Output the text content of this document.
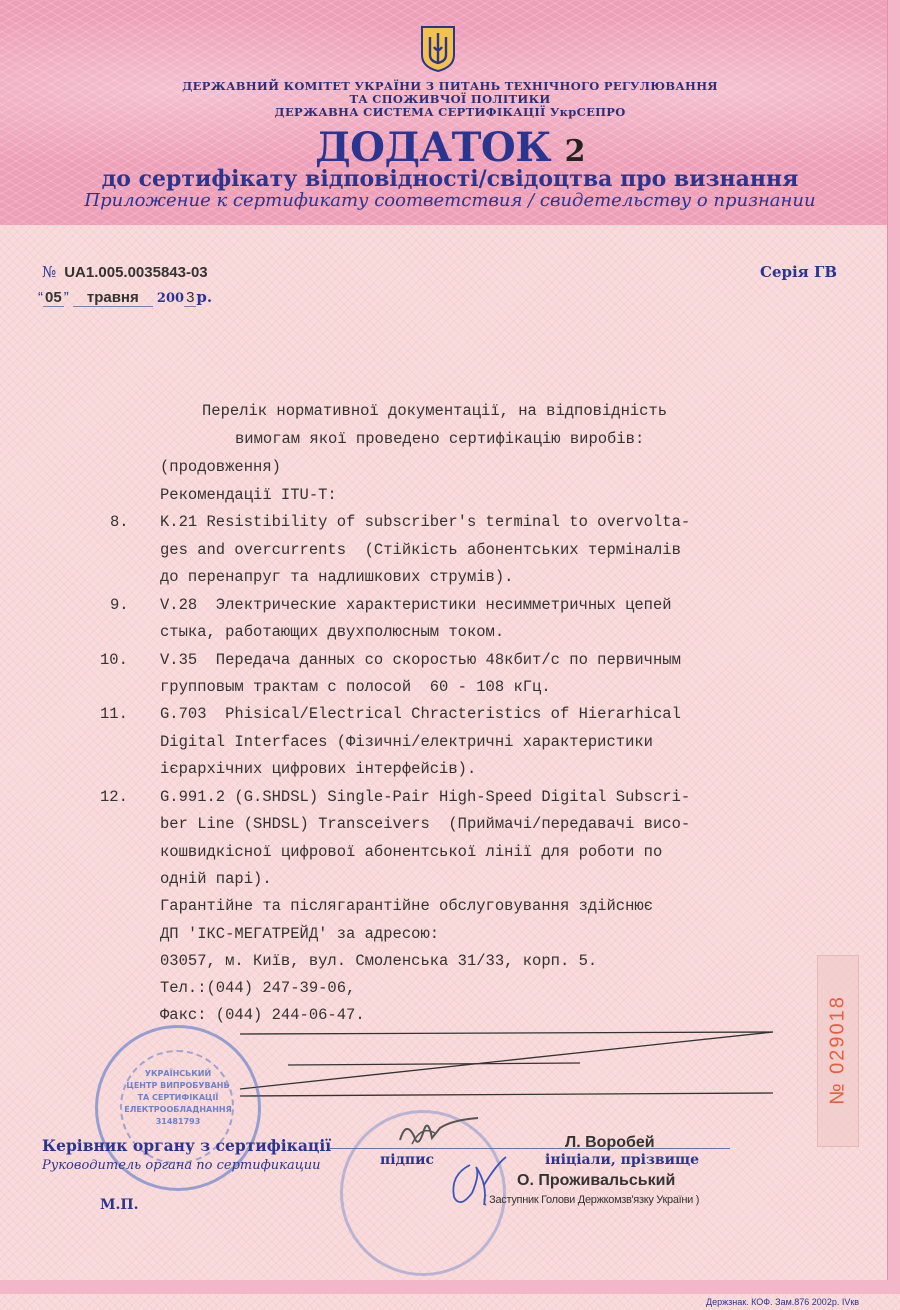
ДЕРЖАВНИЙ КОМІТЕТ УКРАЇНИ З ПИТАНЬ ТЕХНІЧНОГО РЕГУЛЮВАННЯ
ТА СПОЖИВЧОЇ ПОЛІТИКИ
ДЕРЖАВНА СИСТЕМА СЕРТИФІКАЦІЇ УкрСЕПРО
ДОДАТОК 2
до сертифікату відповідності/свідоцтва про визнання
Приложение к сертификату соответствия / свидетельству о признании
№ UA1.005.0035843-03	Серія ГВ
“ 05 ” травня 200 3 р.
Перелік нормативної документації, на відповідність
вимогам якої проведено сертифікацію виробів:
(продовження)
Рекомендації ITU-T:
8. K.21 Resistibility of subscriber's terminal to overvolta-
ges and overcurrents  (Стійкість абонентських терміналів
до перенапруг та надлишкових струмів).
9. V.28  Электрические характеристики несимметричных цепей
стыка, работающих двухполюсным током.
10. V.35  Передача данных со скоростью 48кбит/с по первичным
групповым трактам с полосой  60 - 108 кГц.
11. G.703  Phisical/Electrical Chracteristics of Hierarhical
Digital Interfaces (Фізичні/електричні характеристики
ієрархічних цифрових інтерфейсів).
12. G.991.2 (G.SHDSL) Single-Pair High-Speed Digital Subscri-
ber Line (SHDSL) Transceivers  (Приймачі/передавачі висо-
кошвидкісної цифрової абонентської лінії для роботи по
одній парі).
Гарантійне та післягарантійне обслуговування здійснює
ДП 'ІКС-МЕГАТРЕЙД' за адресою:
03057, м. Київ, вул. Смоленська 31/33, корп. 5.
Тел.:(044) 247-39-06,
Факс: (044) 244-06-47.	№ 029018
УКРАЇНСЬКИЙ
ЦЕНТР ВИПРОБУВАНЬ
ТА СЕРТИФІКАЦІЇ
ЕЛЕКТРООБЛАДНАННЯ
31481793
Керівник органу з сертифікації
Руководитель органа по сертификации
М.П.
підпис
Л. Воробей
ініціали, прізвище
О. Проживальський
( Заступник Голови Держкомзв'язку України )
Держзнак. КОФ. Зам.876 2002р. IVкв
